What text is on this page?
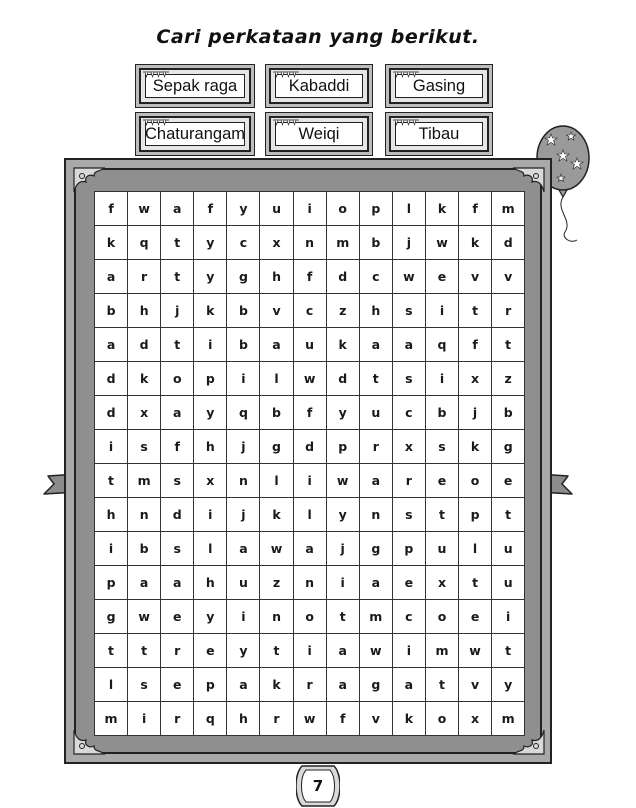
Cari perkataan yang berikut.
Sepak raga	Kabaddi	Gasing
Chaturangam	Weiqi	Tibau
f	w	a	f	y	u	i	o	p	l	k	f	m
k	q	t	y	c	x	n	m	b	j	w	k	d
a	r	t	y	g	h	f	d	c	w	e	v	v
b	h	j	k	b	v	c	z	h	s	i	t	r
a	d	t	i	b	a	u	k	a	a	q	f	t
d	k	o	p	i	l	w	d	t	s	i	x	z
d	x	a	y	q	b	f	y	u	c	b	j	b
i	s	f	h	j	g	d	p	r	x	s	k	g
t	m	s	x	n	l	i	w	a	r	e	o	e
h	n	d	i	j	k	l	y	n	s	t	p	t
i	b	s	l	a	w	a	j	g	p	u	l	u
p	a	a	h	u	z	n	i	a	e	x	t	u
g	w	e	y	i	n	o	t	m	c	o	e	i
t	t	r	e	y	t	i	a	w	i	m	w	t
l	s	e	p	a	k	r	a	g	a	t	v	y
m	i	r	q	h	r	w	f	v	k	o	x	m
7
